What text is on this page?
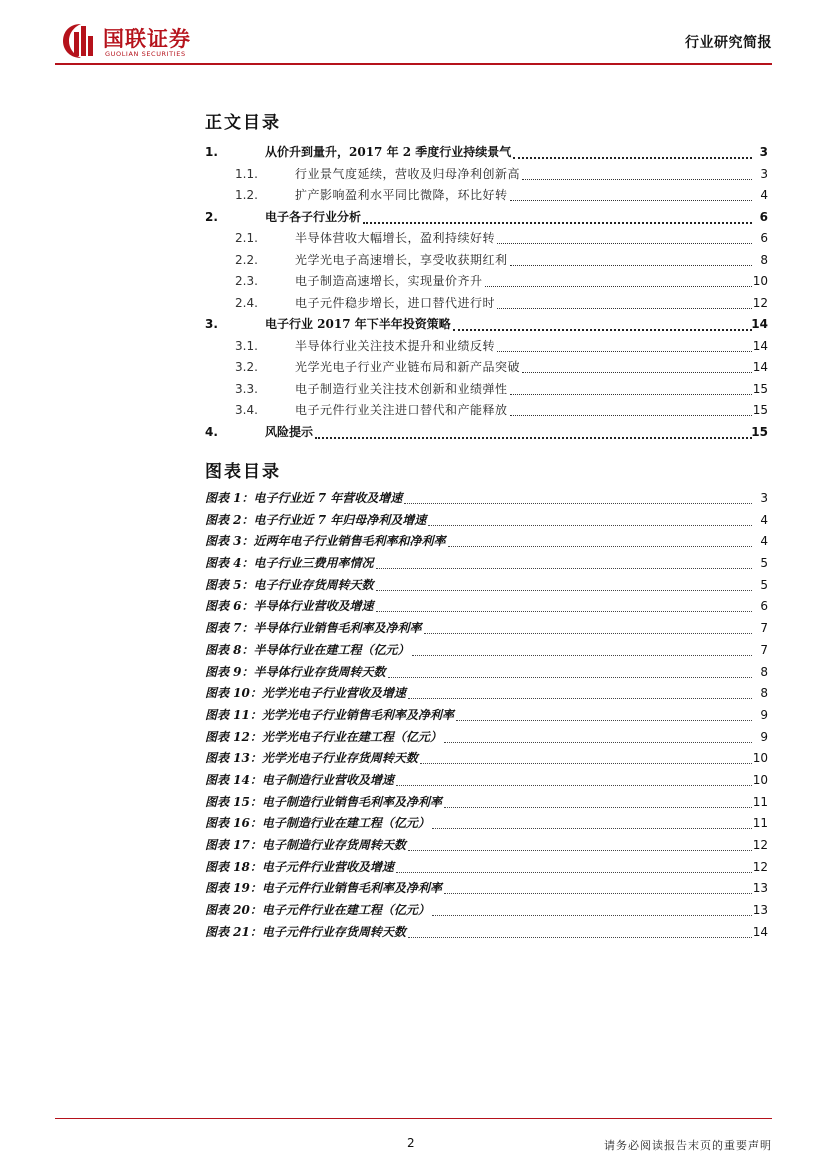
国联证券
GUOLIAN SECURITIES
行业研究简报
正文目录
1.	从价升到量升，2017 年 2 季度行业持续景气	3
1.1.	行业景气度延续，营收及归母净利创新高	3
1.2.	扩产影响盈利水平同比微降，环比好转	4
2.	电子各子行业分析	6
2.1.	半导体营收大幅增长，盈利持续好转	6
2.2.	光学光电子高速增长，享受收获期红利	8
2.3.	电子制造高速增长，实现量价齐升	10
2.4.	电子元件稳步增长，进口替代进行时	12
3.	电子行业 2017 年下半年投资策略	14
3.1.	半导体行业关注技术提升和业绩反转	14
3.2.	光学光电子行业产业链布局和新产品突破	14
3.3.	电子制造行业关注技术创新和业绩弹性	15
3.4.	电子元件行业关注进口替代和产能释放	15
4.	风险提示	15
图表目录
图表 1：电子行业近 7 年营收及增速	3
图表 2：电子行业近 7 年归母净利及增速	4
图表 3：近两年电子行业销售毛利率和净利率	4
图表 4：电子行业三费用率情况	5
图表 5：电子行业存货周转天数	5
图表 6：半导体行业营收及增速	6
图表 7：半导体行业销售毛利率及净利率	7
图表 8：半导体行业在建工程（亿元）	7
图表 9：半导体行业存货周转天数	8
图表 10：光学光电子行业营收及增速	8
图表 11：光学光电子行业销售毛利率及净利率	9
图表 12：光学光电子行业在建工程（亿元）	9
图表 13：光学光电子行业存货周转天数	10
图表 14：电子制造行业营收及增速	10
图表 15：电子制造行业销售毛利率及净利率	11
图表 16：电子制造行业在建工程（亿元）	11
图表 17：电子制造行业存货周转天数	12
图表 18：电子元件行业营收及增速	12
图表 19：电子元件行业销售毛利率及净利率	13
图表 20：电子元件行业在建工程（亿元）	13
图表 21：电子元件行业存货周转天数	14
2	请务必阅读报告末页的重要声明
